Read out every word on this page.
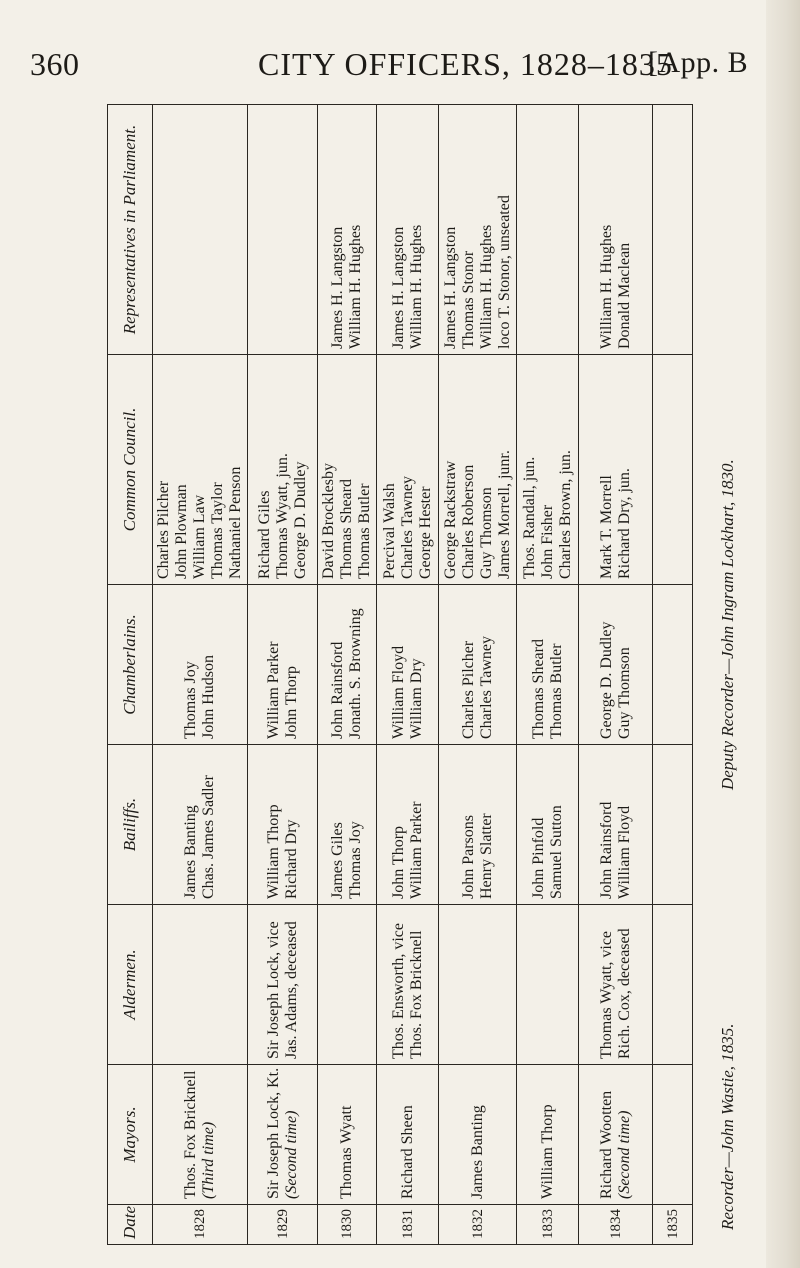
360	CITY OFFICERS, 1828–1835
[App. B
Date	Mayors.	Aldermen.	Bailiffs.	Chamberlains.	Common Council.	Representatives in Parliament.
1828	Thos. Fox Bricknell (Third time)		James Banting Chas. James Sadler	Thomas Joy John Hudson	Charles Pilcher John Plowman William Law Thomas Taylor Nathaniel Penson	

1829	Sir Joseph Lock, Kt. (Second time)	Sir Joseph Lock, vice Jas. Adams, deceased	William Thorp Richard Dry	William Parker John Thorp	Richard Giles Thomas Wyatt, jun. George D. Dudley	

1830	Thomas Wyatt		James Giles Thomas Joy	John Rainsford Jonath. S. Browning	David Brocklesby Thomas Sheard Thomas Butler	James H. Langston William H. Hughes

1831	Richard Sheen	Thos. Ensworth, vice Thos. Fox Bricknell	John Thorp William Parker	William Floyd William Dry	Percival Walsh Charles Tawney George Hester	James H. Langston William H. Hughes

1832	James Banting		John Parsons Henry Slatter	Charles Pilcher Charles Tawney	George Rackstraw Charles Roberson Guy Thomson James Morrell, junr.	James H. Langston Thomas Stonor William H. Hughes loco T. Stonor, unseated

1833	William Thorp		John Pinfold Samuel Sutton	Thomas Sheard Thomas Butler	Thos. Randall, jun. John Fisher Charles Brown, jun.	

1834	Richard Wootten (Second time)	Thomas Wyatt, vice Rich. Cox, deceased	John Rainsford William Floyd	George D. Dudley Guy Thomson	Mark T. Morrell Richard Dry, jun.	William H. Hughes Donald Maclean

1835						Recorder—John Wastie, 1835.
Deputy Recorder—John Ingram Lockhart, 1830.
